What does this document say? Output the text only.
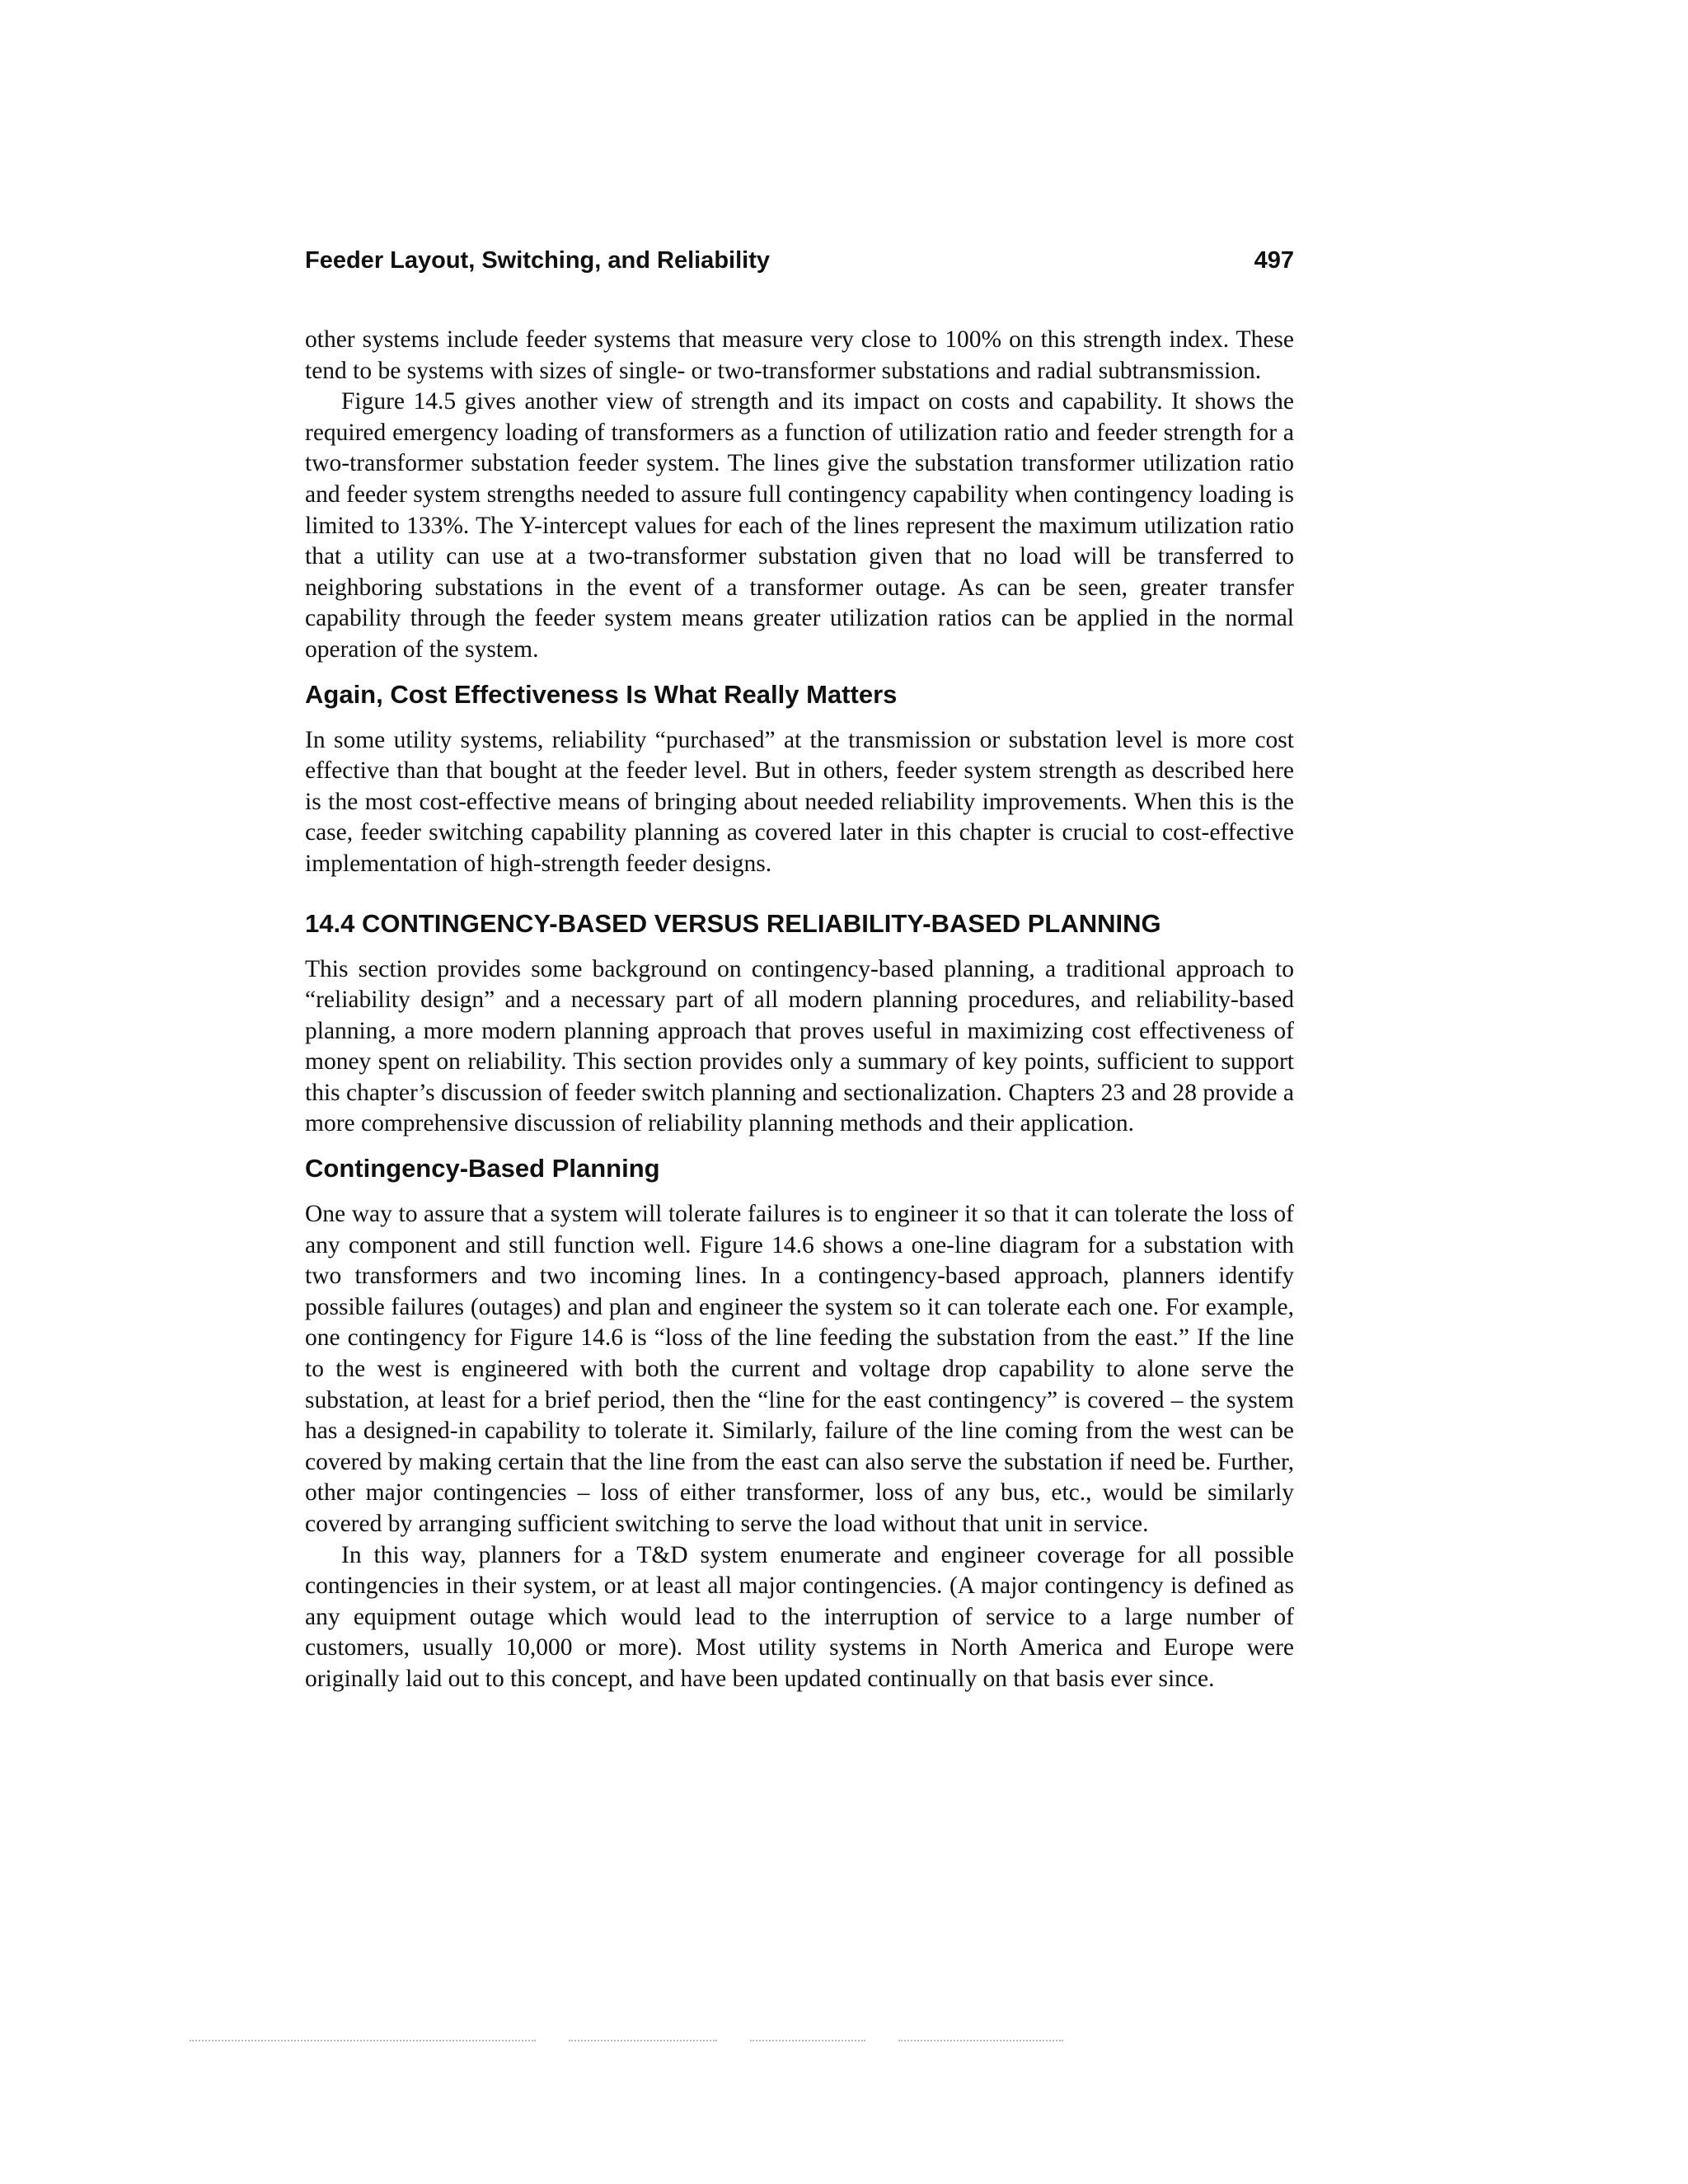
Feeder Layout, Switching, and Reliability	497

other systems include feeder systems that measure very close to 100% on this strength index. These tend to be systems with sizes of single- or two-transformer substations and radial subtransmission.

Figure 14.5 gives another view of strength and its impact on costs and capability. It shows the required emergency loading of transformers as a function of utilization ratio and feeder strength for a two-transformer substation feeder system. The lines give the substation transformer utilization ratio and feeder system strengths needed to assure full contingency capability when contingency loading is limited to 133%. The Y-intercept values for each of the lines represent the maximum utilization ratio that a utility can use at a two-transformer substation given that no load will be transferred to neighboring substations in the event of a transformer outage. As can be seen, greater transfer capability through the feeder system means greater utilization ratios can be applied in the normal operation of the system.

Again, Cost Effectiveness Is What Really Matters

In some utility systems, reliability “purchased” at the transmission or substation level is more cost effective than that bought at the feeder level. But in others, feeder system strength as described here is the most cost-effective means of bringing about needed reliability improvements. When this is the case, feeder switching capability planning as covered later in this chapter is crucial to cost-effective implementation of high-strength feeder designs.

14.4 CONTINGENCY-BASED VERSUS RELIABILITY-BASED PLANNING

This section provides some background on contingency-based planning, a traditional approach to “reliability design” and a necessary part of all modern planning procedures, and reliability-based planning, a more modern planning approach that proves useful in maximizing cost effectiveness of money spent on reliability. This section provides only a summary of key points, sufficient to support this chapter’s discussion of feeder switch planning and sectionalization. Chapters 23 and 28 provide a more comprehensive discussion of reliability planning methods and their application.

Contingency-Based Planning

One way to assure that a system will tolerate failures is to engineer it so that it can tolerate the loss of any component and still function well. Figure 14.6 shows a one-line diagram for a substation with two transformers and two incoming lines. In a contingency-based approach, planners identify possible failures (outages) and plan and engineer the system so it can tolerate each one. For example, one contingency for Figure 14.6 is “loss of the line feeding the substation from the east.” If the line to the west is engineered with both the current and voltage drop capability to alone serve the substation, at least for a brief period, then the “line for the east contingency” is covered – the system has a designed-in capability to tolerate it. Similarly, failure of the line coming from the west can be covered by making certain that the line from the east can also serve the substation if need be. Further, other major contingencies – loss of either transformer, loss of any bus, etc., would be similarly covered by arranging sufficient switching to serve the load without that unit in service.

In this way, planners for a T&D system enumerate and engineer coverage for all possible contingencies in their system, or at least all major contingencies. (A major contingency is defined as any equipment outage which would lead to the interruption of service to a large number of customers, usually 10,000 or more). Most utility systems in North America and Europe were originally laid out to this concept, and have been updated continually on that basis ever since.
